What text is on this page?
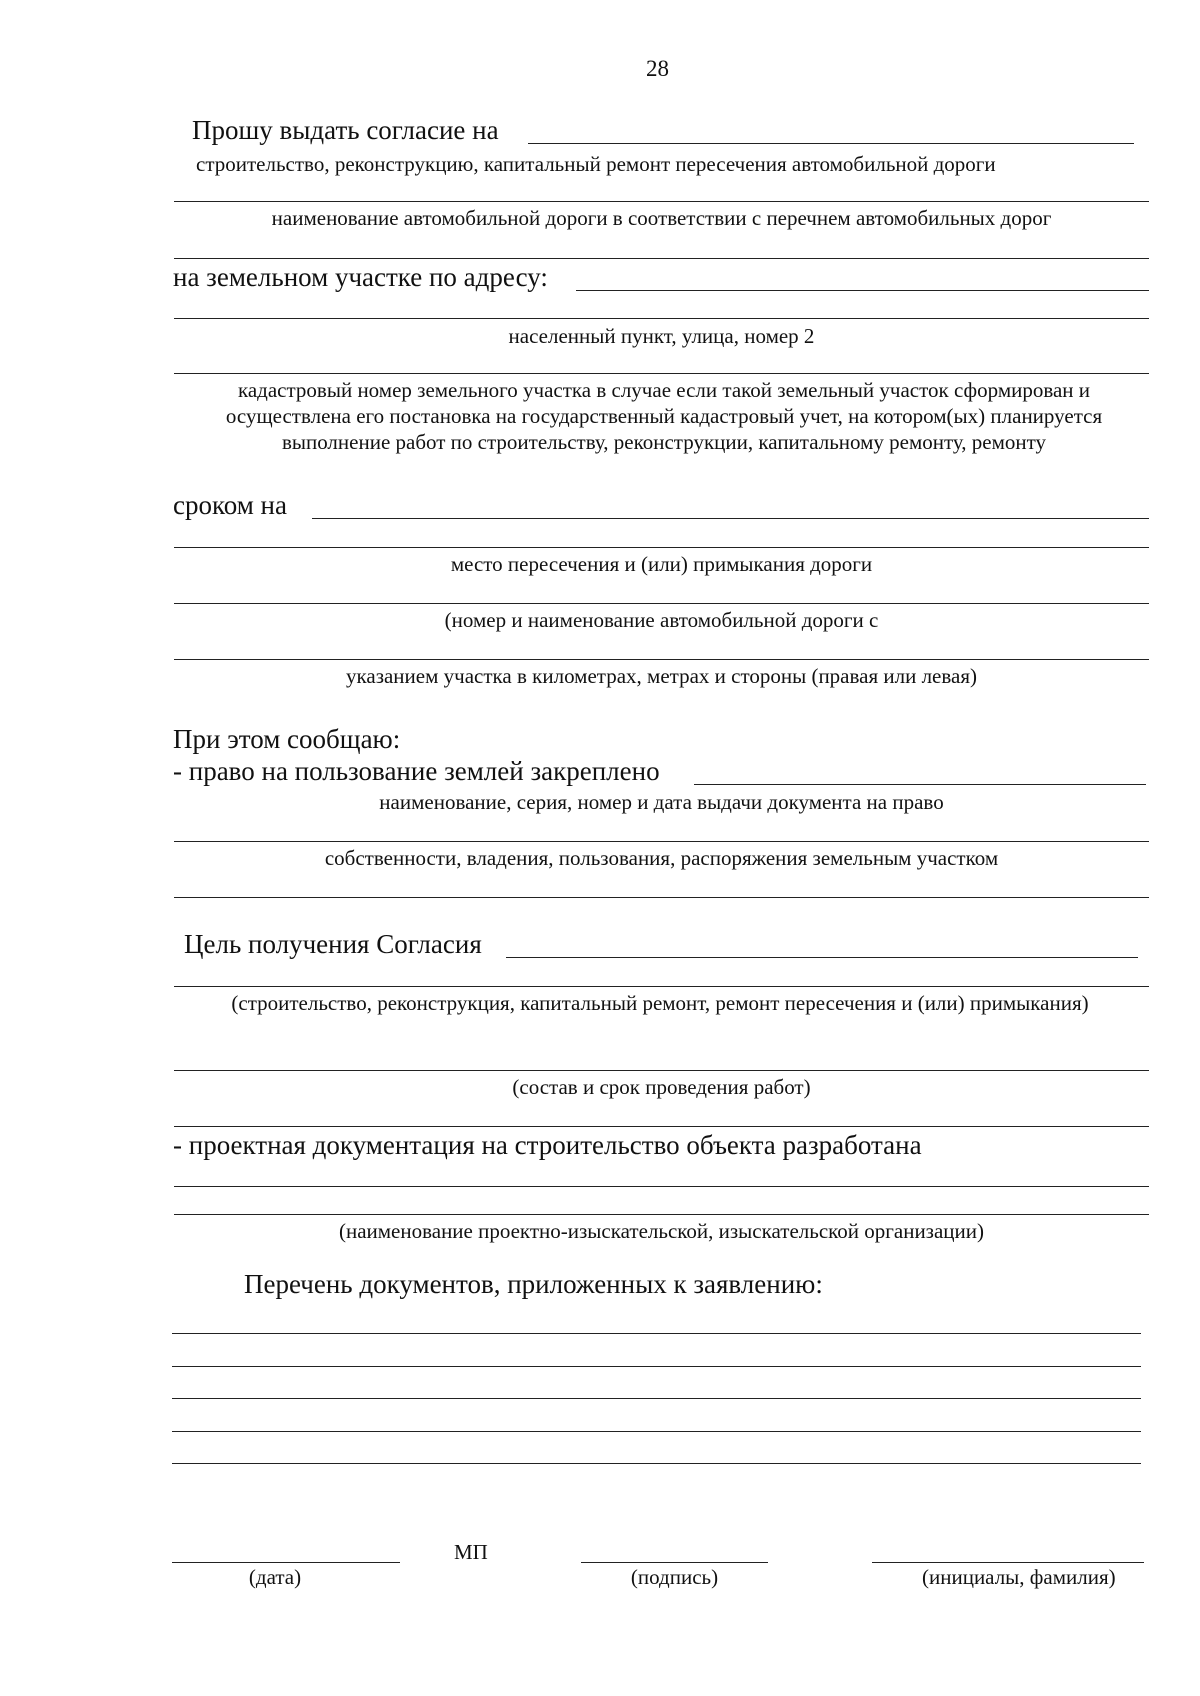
28
Прошу выдать согласие на
строительство, реконструкцию, капитальный ремонт пересечения автомобильной дороги
наименование автомобильной дороги в соответствии с перечнем автомобильных дорог
на земельном участке по адресу:
населенный пункт, улица, номер 2
кадастровый номер земельного участка в случае если такой земельный участок сформирован и осуществлена его постановка на государственный кадастровый учет, на котором(ых) планируется выполнение работ по строительству, реконструкции, капитальному ремонту, ремонту
сроком на
место пересечения и (или) примыкания дороги
(номер и наименование автомобильной дороги с
указанием участка в километрах, метрах и стороны (правая или левая)
При этом сообщаю:
- право на пользование землей закреплено
наименование, серия, номер и дата выдачи документа на право
собственности, владения, пользования, распоряжения земельным участком
Цель получения Согласия
(строительство, реконструкция, капитальный ремонт, ремонт пересечения и (или) примыкания)
(состав и срок проведения работ)
- проектная документация на строительство объекта разработана
(наименование проектно-изыскательской, изыскательской организации)
Перечень документов, приложенных к заявлению:
МП
(дата)	(подпись)	(инициалы, фамилия)
